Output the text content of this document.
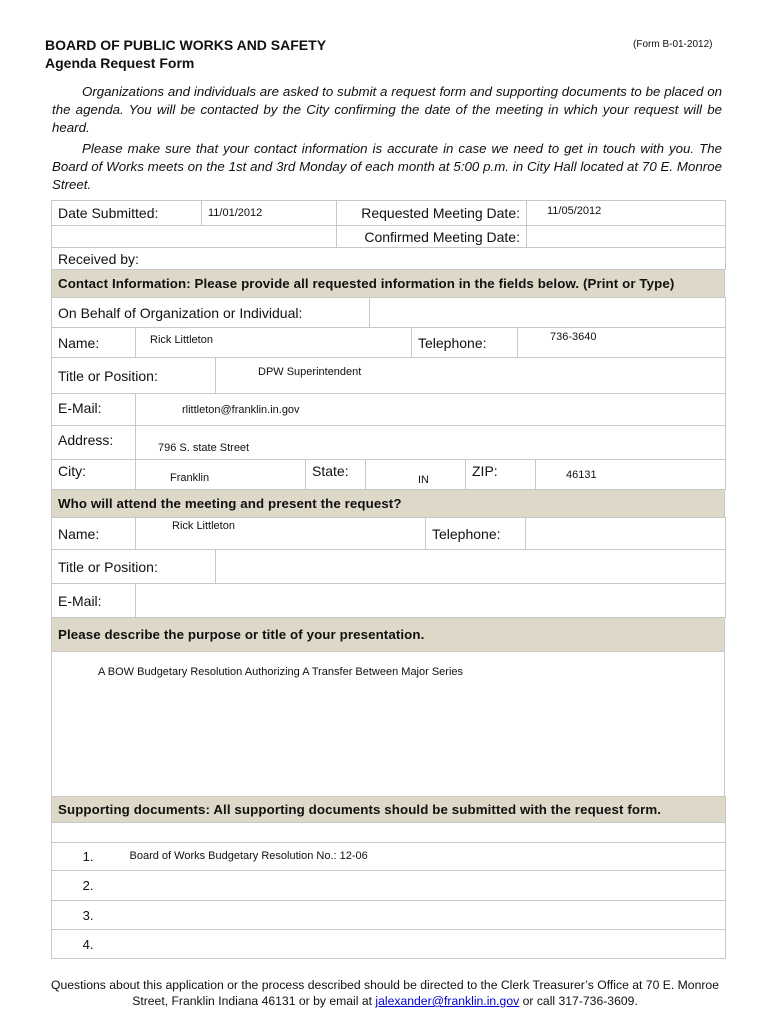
BOARD OF PUBLIC WORKS AND SAFETY
Agenda Request Form
(Form B-01-2012)
Organizations and individuals are asked to submit a request form and supporting documents to be placed on the agenda. You will be contacted by the City confirming the date of the meeting in which your request will be heard.
Please make sure that your contact information is accurate in case we need to get in touch with you. The Board of Works meets on the 1st and 3rd Monday of each month at 5:00 p.m. in City Hall located at 70 E. Monroe Street.
Date Submitted:	11/01/2012	Requested Meeting Date:	11/05/2012
		Confirmed Meeting Date:	
Received by:			
Contact Information: Please provide all requested information in the fields below. (Print or Type)
On Behalf of Organization or Individual:	
Name:	Rick Littleton	Telephone:	736-3640
Title or Position:	DPW Superintendent
E-Mail:	rlittleton@franklin.in.gov
Address:	796 S. state Street
City:	Franklin	State:	IN	ZIP:	46131
Who will attend the meeting and present the request?
Name:	Rick Littleton	Telephone:	
Title or Position:	
E-Mail:	
Please describe the purpose or title of your presentation.
A BOW Budgetary Resolution Authorizing A Transfer Between Major Series
Supporting documents: All supporting documents should be submitted with the request form.	

1.	Board of Works Budgetary Resolution No.: 12-06
2.	
3.	
4.	
Questions about this application or the process described should be directed to the Clerk Treasurer’s Office at 70 E. Monroe Street, Franklin Indiana 46131 or by email at jalexander@franklin.in.gov or call 317-736-3609.
